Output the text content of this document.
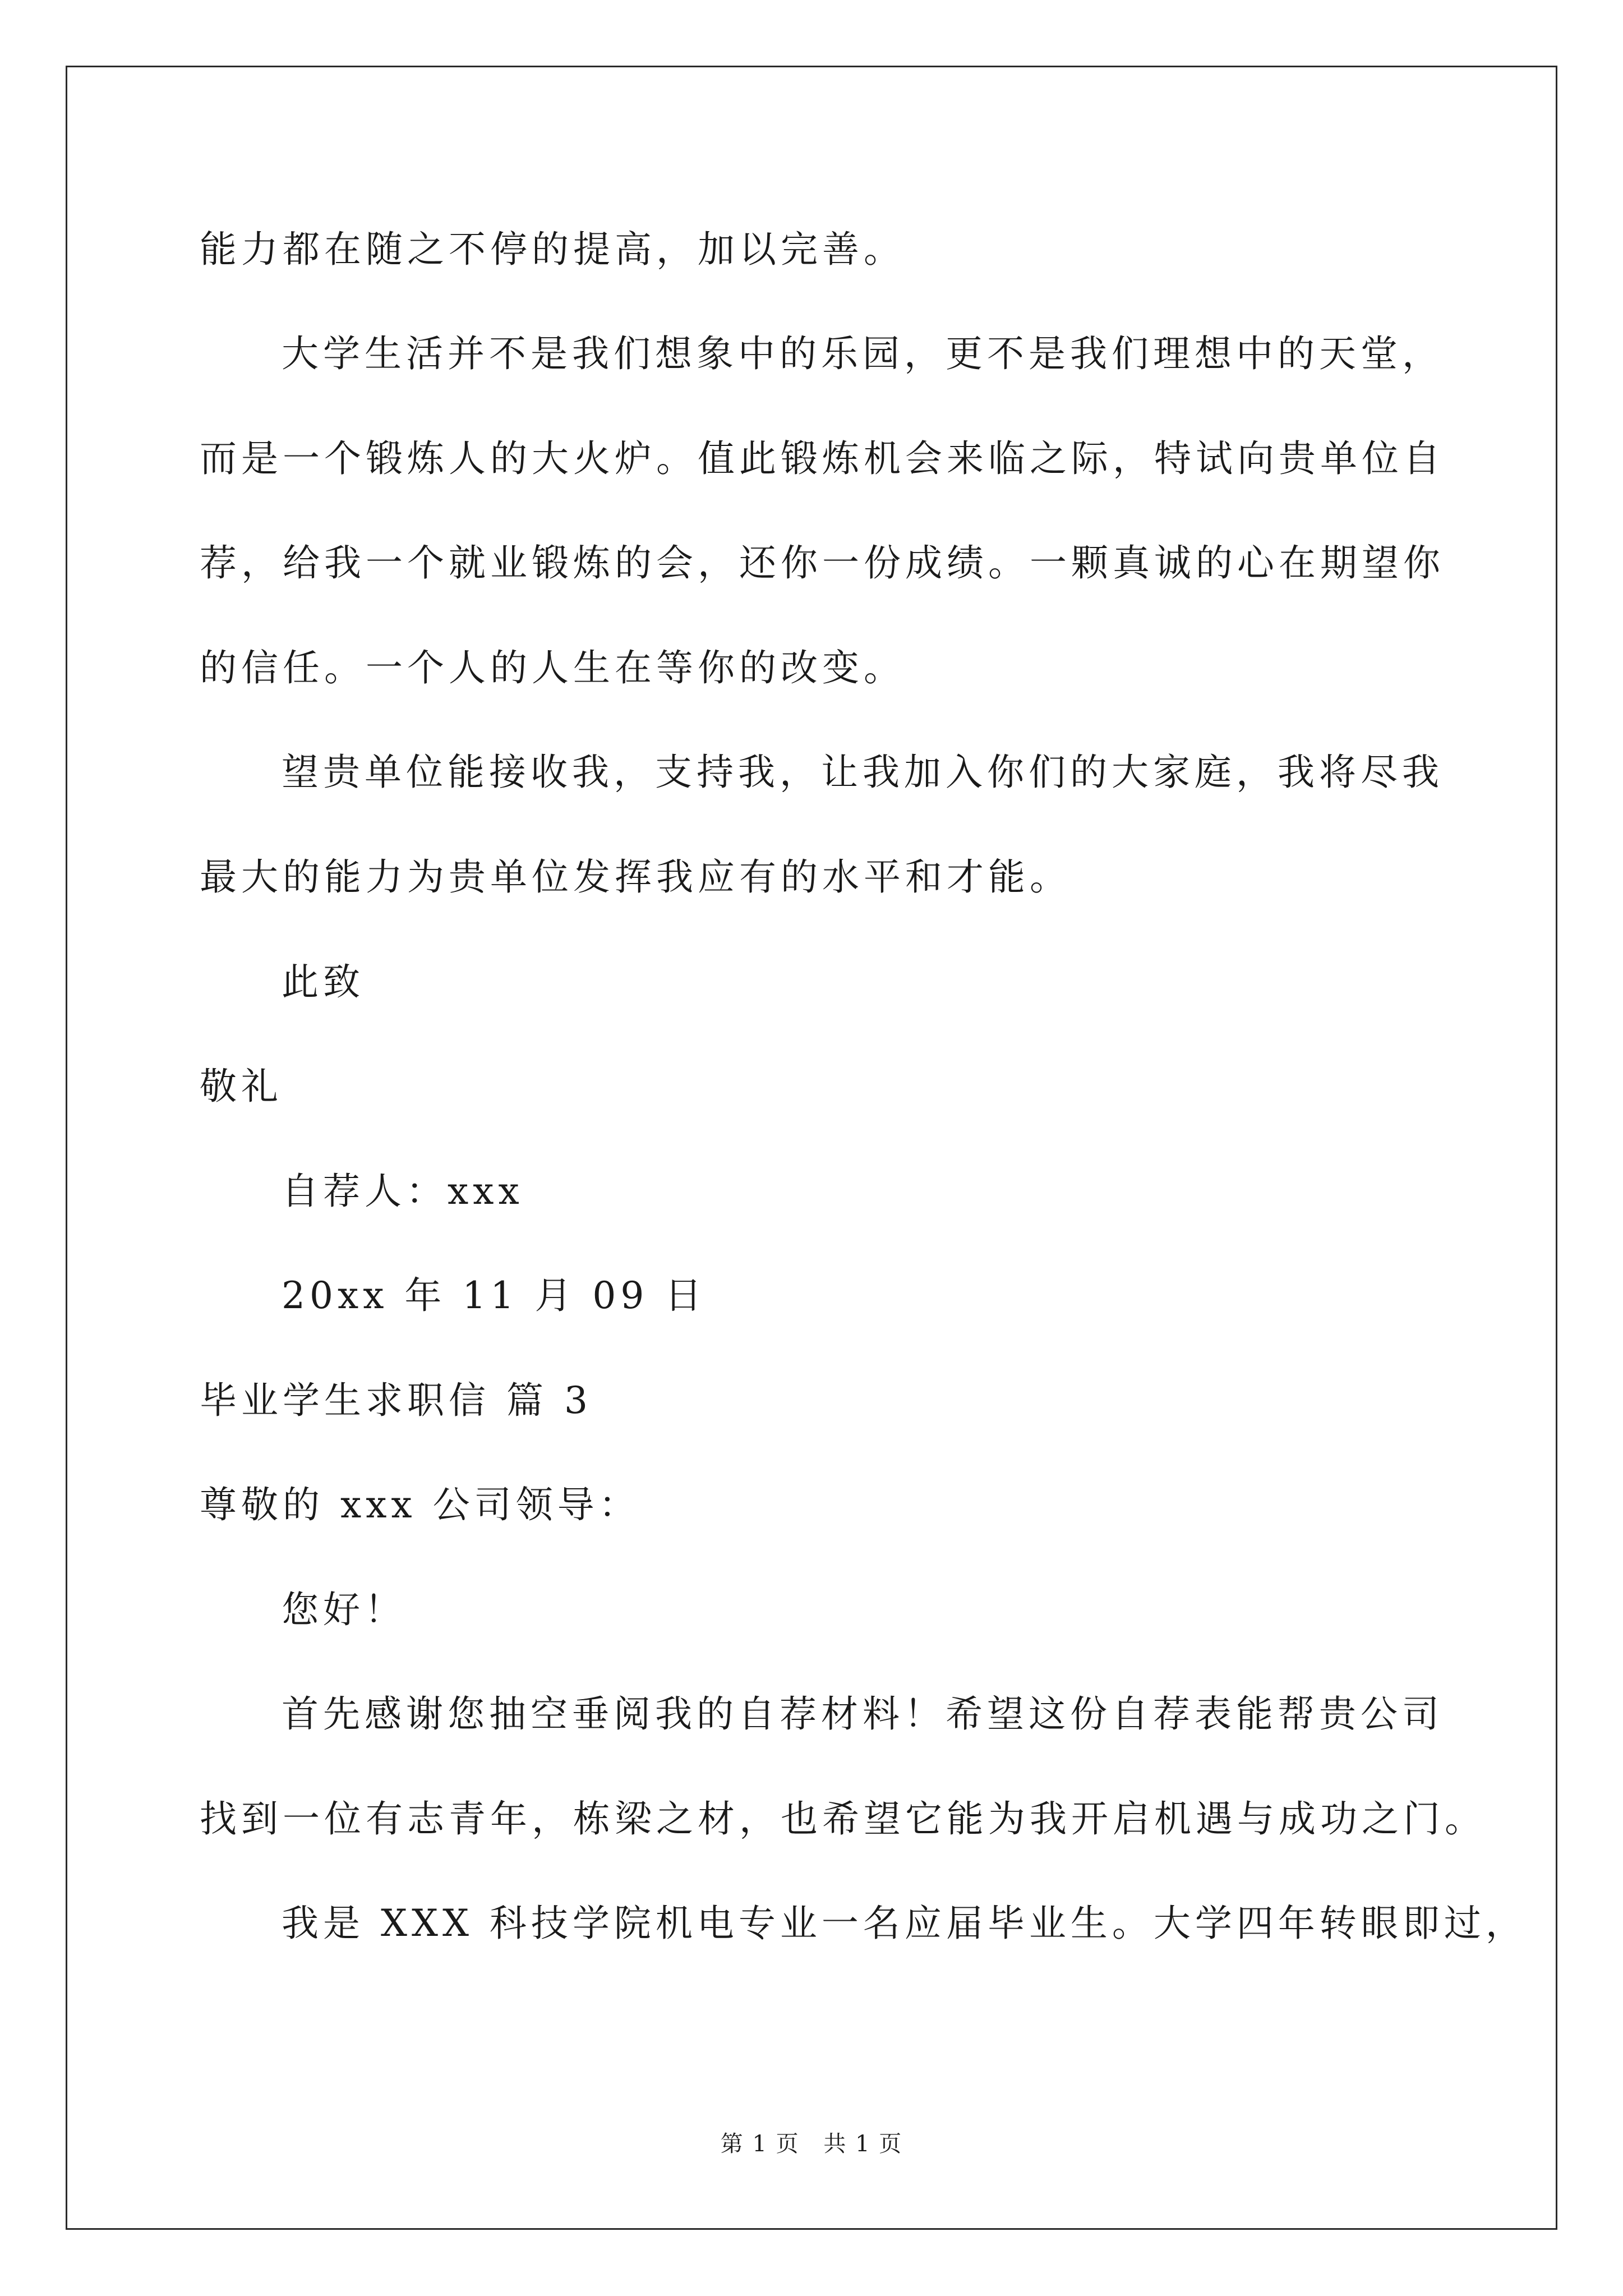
能力都在随之不停的提高，加以完善。
大学生活并不是我们想象中的乐园，更不是我们理想中的天堂，
而是一个锻炼人的大火炉。值此锻炼机会来临之际，特试向贵单位自
荐，给我一个就业锻炼的会，还你一份成绩。一颗真诚的心在期望你
的信任。一个人的人生在等你的改变。
望贵单位能接收我，支持我，让我加入你们的大家庭，我将尽我
最大的能力为贵单位发挥我应有的水平和才能。
此致
敬礼
自荐人：xxx
20xx 年 11 月 09 日
毕业学生求职信 篇 3
尊敬的 xxx 公司领导：
您好！
首先感谢您抽空垂阅我的自荐材料！希望这份自荐表能帮贵公司
找到一位有志青年，栋梁之材，也希望它能为我开启机遇与成功之门。
我是 XXX 科技学院机电专业一名应届毕业生。大学四年转眼即过，
第 1 页 共 1 页
